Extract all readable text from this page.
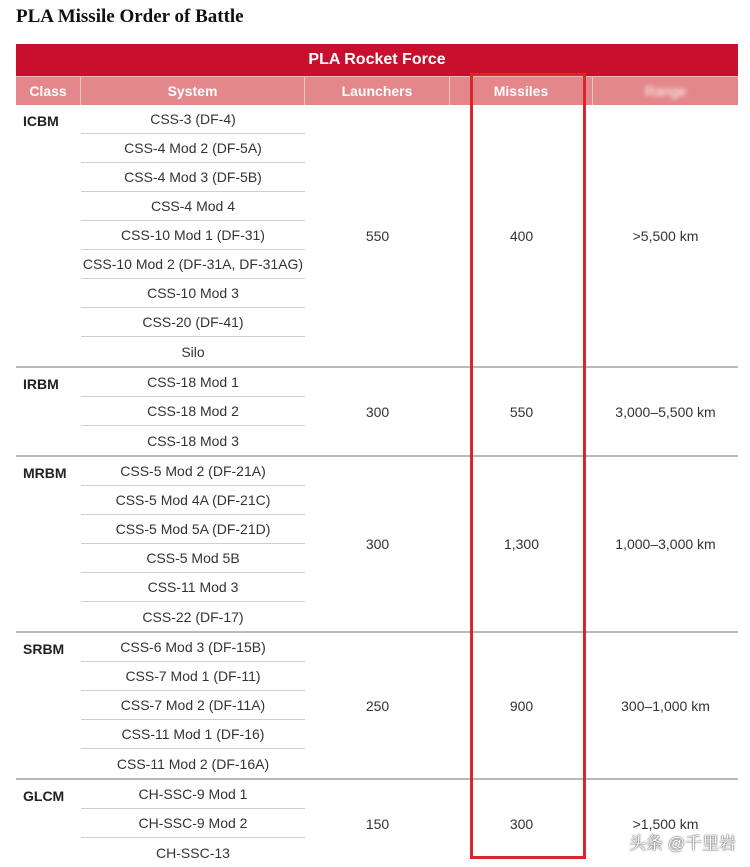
PLA Missile Order of Battle
PLA Rocket Force
Class	System	Launchers	Missiles	Range
ICBM	CSS-3 (DF-4)
CSS-4 Mod 2 (DF-5A)
CSS-4 Mod 3 (DF-5B)
CSS-4 Mod 4
CSS-10 Mod 1 (DF-31)
CSS-10 Mod 2 (DF-31A, DF-31AG)
CSS-10 Mod 3
CSS-20 (DF-41)
Silo
550	400	>5,500 km
IRBM	CSS-18 Mod 1
CSS-18 Mod 2
CSS-18 Mod 3
300	550	3,000–5,500 km
MRBM	CSS-5 Mod 2 (DF-21A)
CSS-5 Mod 4A (DF-21C)
CSS-5 Mod 5A (DF-21D)
CSS-5 Mod 5B
CSS-11 Mod 3
CSS-22 (DF-17)
300	1,300	1,000–3,000 km
SRBM	CSS-6 Mod 3 (DF-15B)
CSS-7 Mod 1 (DF-11)
CSS-7 Mod 2 (DF-11A)
CSS-11 Mod 1 (DF-16)
CSS-11 Mod 2 (DF-16A)
250	900	300–1,000 km
GLCM	CH-SSC-9 Mod 1
CH-SSC-9 Mod 2
CH-SSC-13
150	300	>1,500 km
头条 @千里岩
